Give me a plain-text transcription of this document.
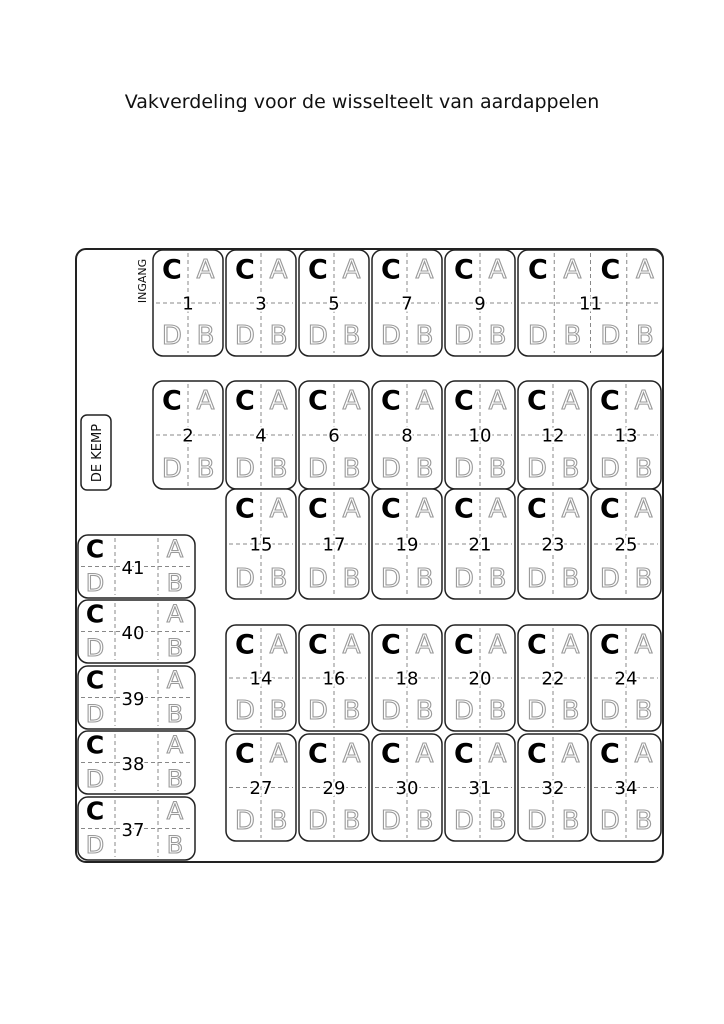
Vakverdeling voor de wisselteelt van aardappelen
C A
D B
1
C A
D B
3
C A
D B
5
C A
D B
7
C A
D B
9
C A
D B
C A
D B
11
C A
D B
2
C A
D B
4
C A
D B
6
C A
D B
8
C A
D B
10
C A
D B
12
C A
D B
13
C A
D B
15
C A
D B
17
C A
D B
19
C A
D B
21
C A
D B
23
C A
D B
25
C A
D B
14
C A
D B
16
C A
D B
18
C A
D B
20
C A
D B
22
C A
D B
24
C A
D B
27
C A
D B
29
C A
D B
30
C A
D B
31
C A
D B
32
C A
D B
34
C	A
D	B
41
C	A
D	B
40
C	A
D	B
39
C	A
D	B
38
C	A
D	B
37
DE KEMP
INGANG
